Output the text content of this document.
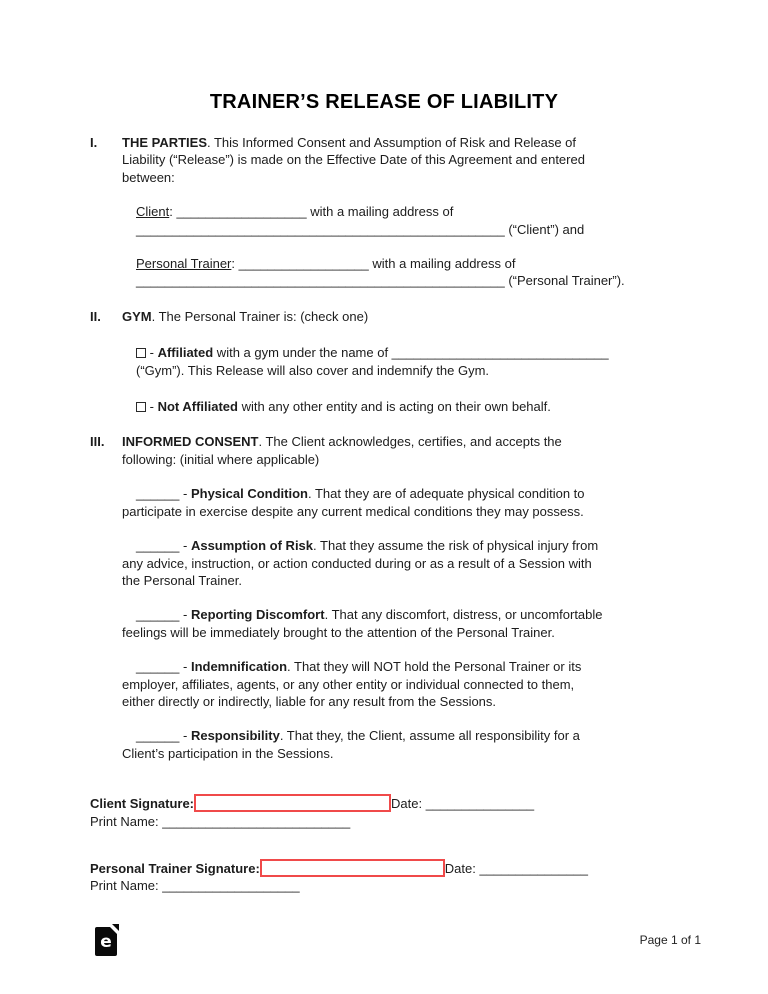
TRAINER’S RELEASE OF LIABILITY
I.	THE PARTIES. This Informed Consent and Assumption of Risk and Release of
Liability (“Release”) is made on the Effective Date of this Agreement and entered
between:
Client: __________________ with a mailing address of
___________________________________________________ (“Client”) and
Personal Trainer: __________________ with a mailing address of
___________________________________________________ (“Personal Trainer”).
II.	GYM. The Personal Trainer is: (check one)
- Affiliated with a gym under the name of ______________________________
(“Gym”). This Release will also cover and indemnify the Gym.
- Not Affiliated with any other entity and is acting on their own behalf.
III.	INFORMED CONSENT. The Client acknowledges, certifies, and accepts the
following: (initial where applicable)
______ - Physical Condition. That they are of adequate physical condition to
participate in exercise despite any current medical conditions they may possess.
______ - Assumption of Risk. That they assume the risk of physical injury from
any advice, instruction, or action conducted during or as a result of a Session with
the Personal Trainer.
______ - Reporting Discomfort. That any discomfort, distress, or uncomfortable
feelings will be immediately brought to the attention of the Personal Trainer.
______ - Indemnification. That they will NOT hold the Personal Trainer or its
employer, affiliates, agents, or any other entity or individual connected to them,
either directly or indirectly, liable for any result from the Sessions.
______ - Responsibility. That they, the Client, assume all responsibility for a
Client’s participation in the Sessions.
Client Signature:	Date: _______________
Print Name: __________________________
Personal Trainer Signature:	Date: _______________
Print Name: ___________________
e	Page 1 of 1
